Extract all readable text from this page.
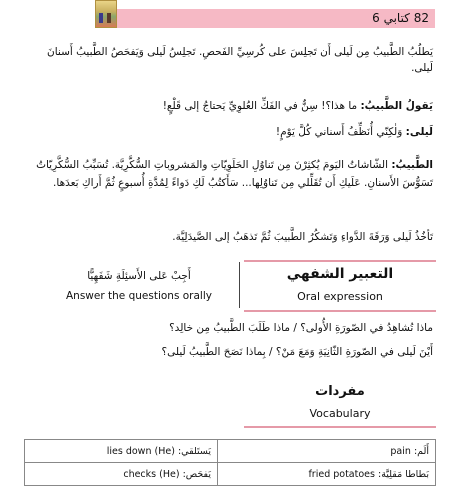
82 كتابي 6
يَطلُبُ الطَّبيبُ مِن لَيلى أَن تَجلِسَ على كُرسِيِّ الفَحصِ. تَجلِسُ لَيلى وَيَفحَصُ الطَّبيبُ أَسنانَ لَيلى.
يَقولُ الطَّبيبُ: ما هذا؟! سِنٌّ في الفَكِّ العُلوِيِّ يَحتاجُ إلى قَلْعٍ!
لَيلى: وَلٰكِنّي أُنَظِّفُ أَسناني كُلَّ يَوْمٍ!
الطَّبيبُ: الشّاشاتُ اليَومَ يُكثِرْنَ مِن تَناوُلِ الحَلَوِيّاتِ والمَشروباتِ السُّكَّرِيَّة. تُسَبِّبُ السُّكَّرِيّاتُ تَسَوُّسَ الأَسنانِ. عَلَيكِ أَن تُقَلِّلي مِن تَناوُلِها... سَأَكتُبُ لَكِ دَواءً لِمُدَّةِ أُسبوعٍ ثُمَّ أَراكِ بَعدَها.
تَأخُذُ لَيلى وَرَقَةَ الدَّواءِ وَتَشكُرُ الطَّبيبَ ثُمَّ تَذهَبُ إلى الصَّيدَلِيَّة.
التعبير الشفهي
Oral expression
أَجِبْ عَلى الأَسئِلَةِ شَفَهِيًّا
Answer the questions orally
ماذا تُشاهِدُ في الصّورَةِ الأُولى؟ / ماذا طَلَبَ الطَّبيبُ مِن خالِد؟
أَيْنَ لَيلى في الصّورَةِ الثّانِيَةِ وَمَعَ مَنْ؟ / بِماذا نَصَحَ الطَّبيبُ لَيلى؟
مفردات
Vocabulary
يَستَلقي: (He) lies down	أَلَم: pain
يَفحَص: (He) checks	بَطاطا مَقلِيَّة: fried potatoes
